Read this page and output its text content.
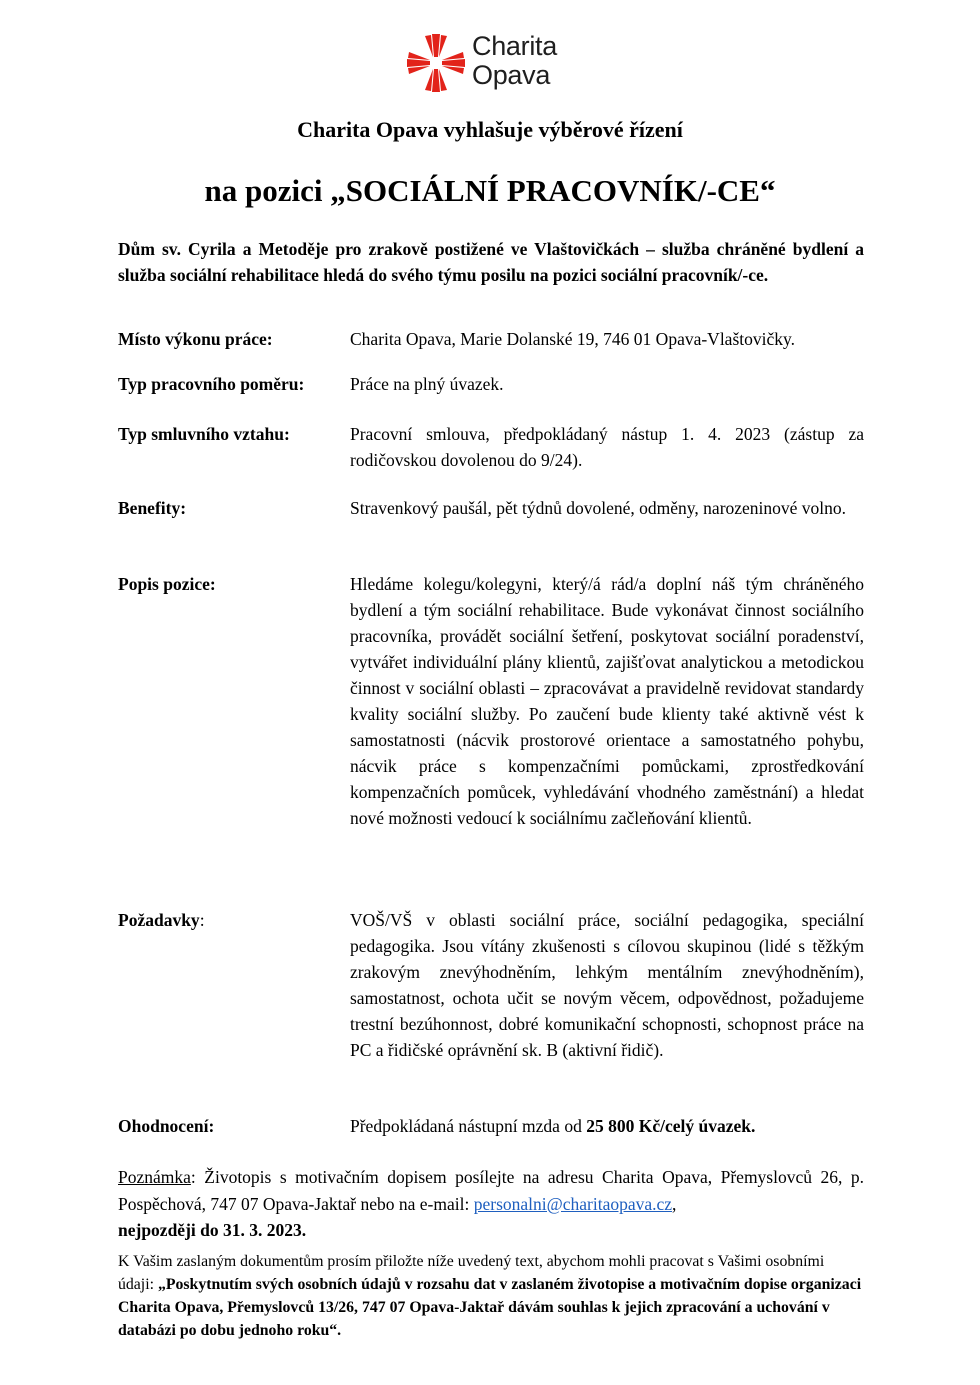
Charita
Opava
Charita Opava vyhlašuje výběrové řízení
na pozici „SOCIÁLNÍ PRACOVNÍK/-CE“
Dům sv. Cyrila a Metoděje pro zrakově postižené ve Vlaštovičkách – služba chráněné bydlení a služba sociální rehabilitace hledá do svého týmu posilu na pozici sociální pracovník/-ce.
Místo výkonu práce:	Charita Opava, Marie Dolanské 19, 746 01 Opava-Vlaštovičky.
Typ pracovního poměru:	Práce na plný úvazek.
Typ smluvního vztahu:	Pracovní smlouva, předpokládaný nástup 1. 4. 2023 (zástup za rodičovskou dovolenou do 9/24).
Benefity:	Stravenkový paušál, pět týdnů dovolené, odměny, narozeninové volno.
Popis pozice:	Hledáme kolegu/kolegyni, který/á rád/a doplní náš tým chráněného bydlení a tým sociální rehabilitace. Bude vykonávat činnost sociálního pracovníka, provádět sociální šetření, poskytovat sociální poradenství, vytvářet individuální plány klientů, zajišťovat analytickou a metodickou činnost v sociální oblasti – zpracovávat a pravidelně revidovat standardy kvality sociální služby. Po zaučení bude klienty také aktivně vést k samostatnosti (nácvik prostorové orientace a samostatného pohybu, nácvik práce s kompenzačními pomůckami, zprostředkování kompenzačních pomůcek, vyhledávání vhodného zaměstnání) a hledat nové možnosti vedoucí k sociálnímu začleňování klientů.
Požadavky:	VOŠ/VŠ v oblasti sociální práce, sociální pedagogika, speciální pedagogika. Jsou vítány zkušenosti s cílovou skupinou (lidé s těžkým zrakovým znevýhodněním, lehkým mentálním znevýhodněním), samostatnost, ochota učit se novým věcem, odpovědnost, požadujeme trestní bezúhonnost, dobré komunikační schopnosti, schopnost práce na PC a řidičské oprávnění sk. B (aktivní řidič).
Ohodnocení:	Předpokládaná nástupní mzda od 25 800 Kč/celý úvazek.
Poznámka: Životopis s motivačním dopisem posílejte na adresu Charita Opava, Přemyslovců 26, p. Pospěchová, 747 07 Opava-Jaktař nebo na e-mail: personalni@charitaopava.cz,
nejpozději do 31. 3. 2023.
K Vašim zaslaným dokumentům prosím přiložte níže uvedený text, abychom mohli pracovat s Vašimi osobními údaji: „Poskytnutím svých osobních údajů v rozsahu dat v zaslaném životopise a motivačním dopise organizaci Charita Opava, Přemyslovců 13/26, 747 07 Opava-Jaktař dávám souhlas k jejich zpracování a uchování v databázi po dobu jednoho roku“.
